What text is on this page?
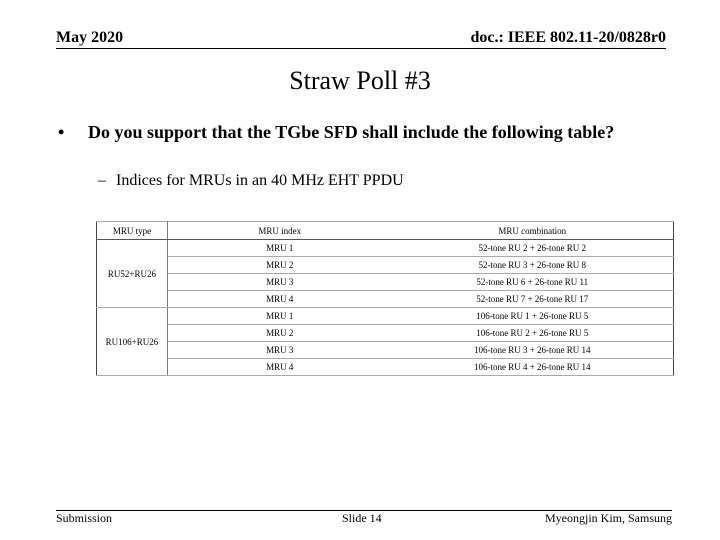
May 2020	doc.: IEEE 802.11-20/0828r0
Straw Poll #3
•	Do you support that the TGbe SFD shall include the following table?
– Indices for MRUs in an 40 MHz EHT PPDU
MRU type	MRU index	MRU combination
RU52+RU26	MRU 1	52-tone RU 2 + 26-tone RU 2
	MRU 2	52-tone RU 3 + 26-tone RU 8
	MRU 3	52-tone RU 6 + 26-tone RU 11
	MRU 4	52-tone RU 7 + 26-tone RU 17
RU106+RU26	MRU 1	106-tone RU 1 + 26-tone RU 5
	MRU 2	106-tone RU 2 + 26-tone RU 5
	MRU 3	106-tone RU 3 + 26-tone RU 14
	MRU 4	106-tone RU 4 + 26-tone RU 14
Submission	Slide 14	Myeongjin Kim, Samsung
